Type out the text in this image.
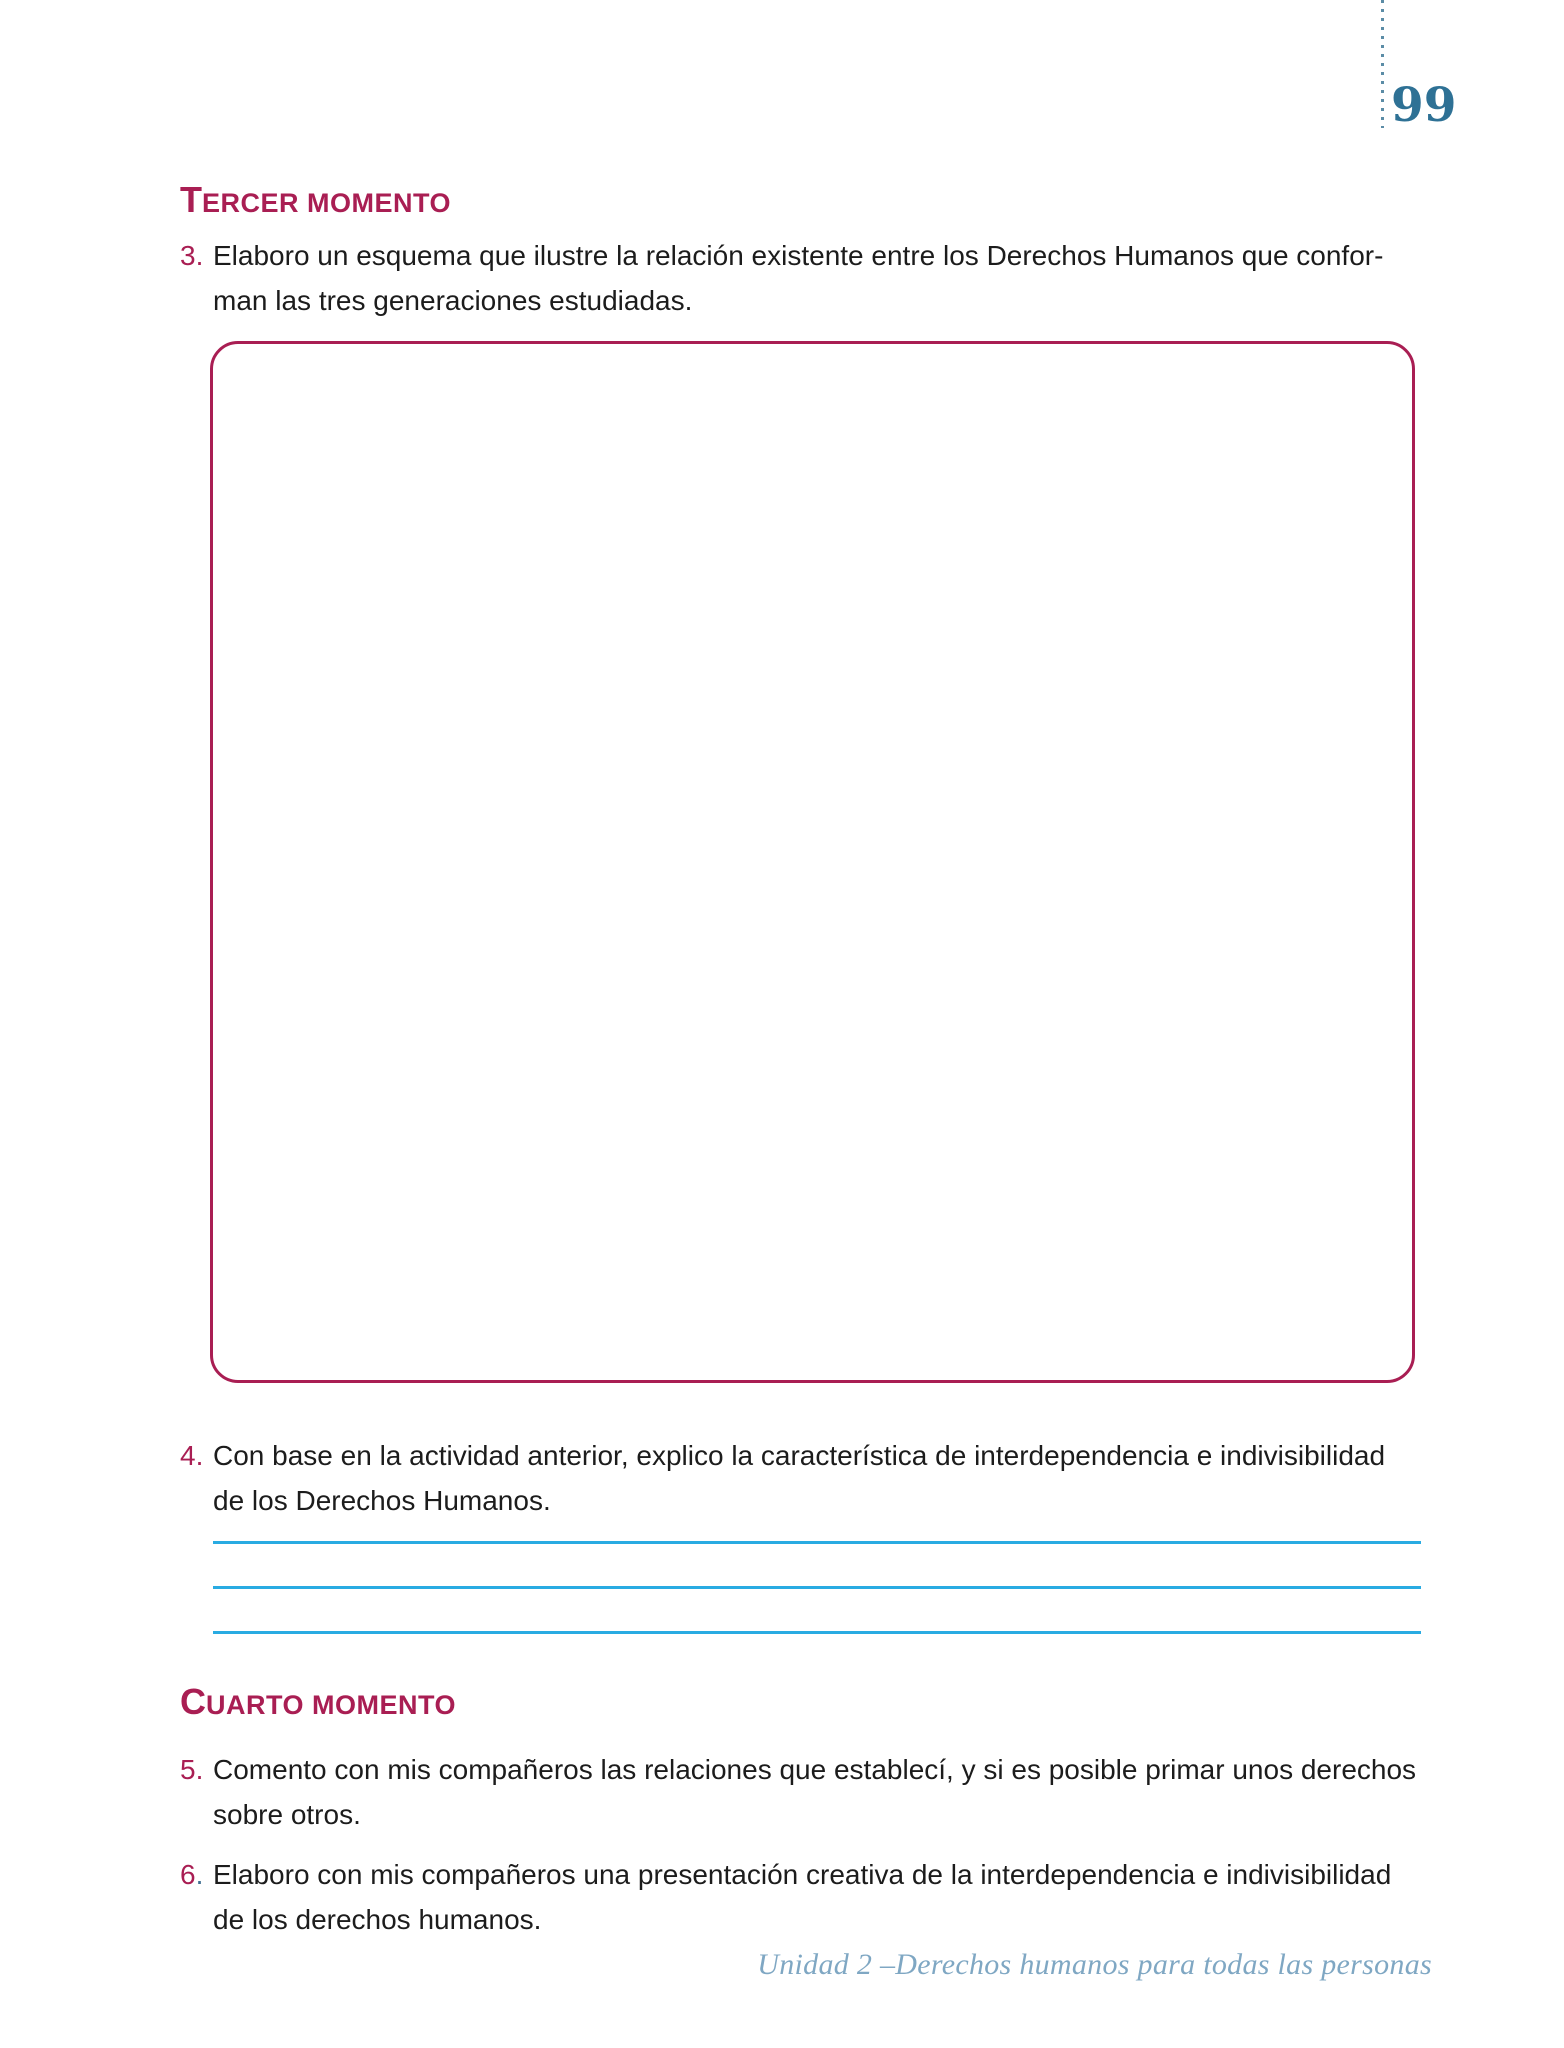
99
TERCER MOMENTO
3. Elaboro un esquema que ilustre la relación existente entre los Derechos Humanos que confor-
man las tres generaciones estudiadas.
4. Con base en la actividad anterior, explico la característica de interdependencia e indivisibilidad
de los Derechos Humanos.
CUARTO MOMENTO
5. Comento con mis compañeros las relaciones que establecí, y si es posible primar unos derechos
sobre otros.
6. Elaboro con mis compañeros una presentación creativa de la interdependencia e indivisibilidad
de los derechos humanos.
Unidad 2 –Derechos humanos para todas las personas
